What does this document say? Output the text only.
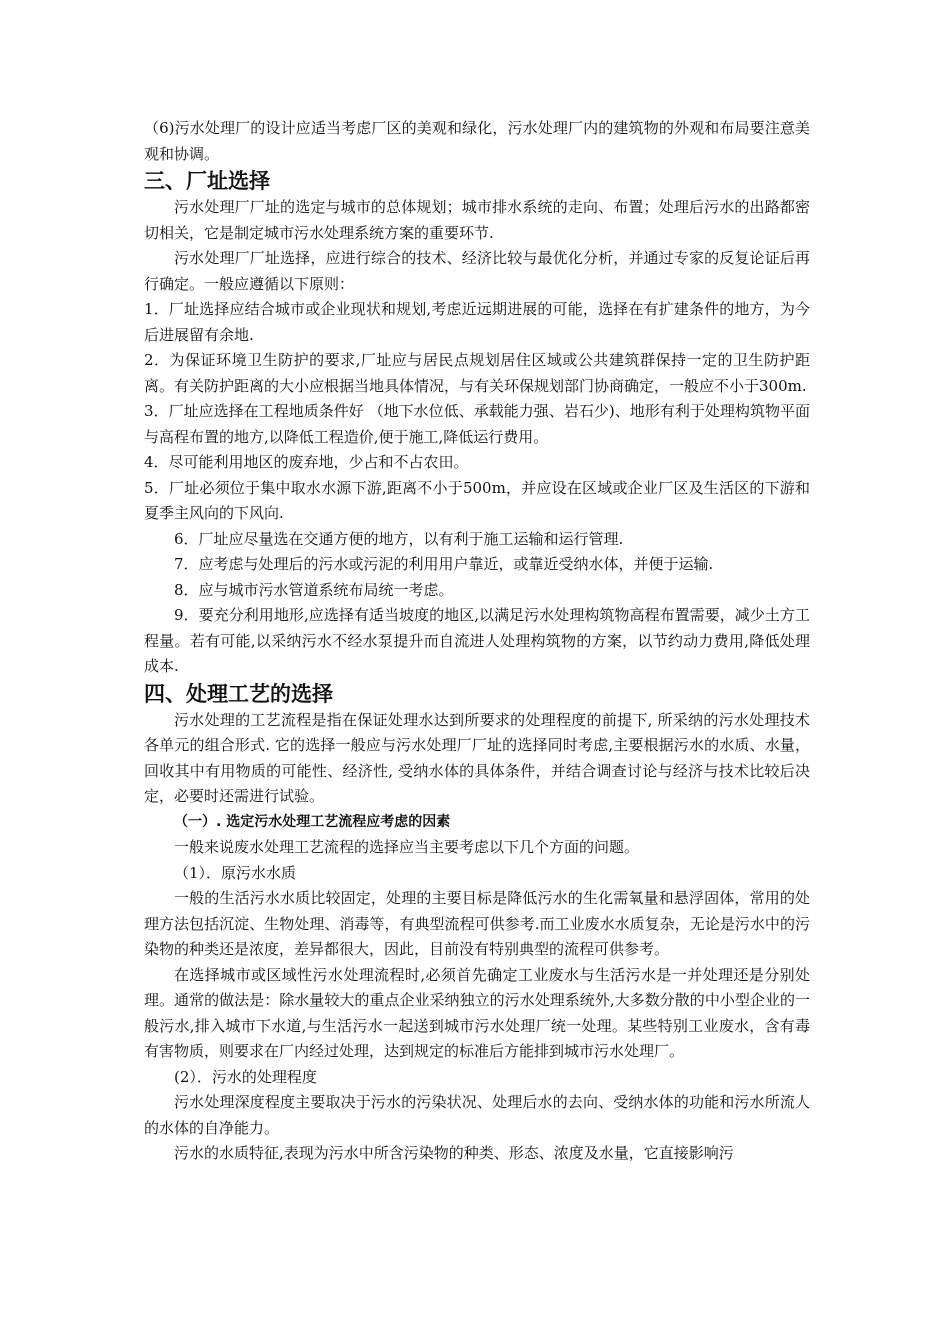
（6)污水处理厂的设计应适当考虑厂区的美观和绿化，污水处理厂内的建筑物的外观和布局要注意美观和协调。

三、厂址选择

污水处理厂厂址的选定与城市的总体规划；城市排水系统的走向、布置；处理后污水的出路都密切相关，它是制定城市污水处理系统方案的重要环节.

污水处理厂厂址选择，应进行综合的技术、经济比较与最优化分析，并通过专家的反复论证后再行确定。一般应遵循以下原则：

1．厂址选择应结合城市或企业现状和规划,考虑近远期进展的可能，选择在有扩建条件的地方，为今后进展留有余地.

2．为保证环境卫生防护的要求,厂址应与居民点规划居住区域或公共建筑群保持一定的卫生防护距离。有关防护距离的大小应根据当地具体情况，与有关环保规划部门协商确定，一般应不小于300m.

3．厂址应选择在工程地质条件好 （地下水位低、承载能力强、岩石少)、地形有利于处理构筑物平面与高程布置的地方,以降低工程造价,便于施工,降低运行费用。

4．尽可能利用地区的废弃地，少占和不占农田。

5．厂址必须位于集中取水水源下游,距离不小于500m，并应设在区域或企业厂区及生活区的下游和夏季主风向的下风向.

6．厂址应尽量选在交通方便的地方，以有利于施工运输和运行管理.

7．应考虑与处理后的污水或污泥的利用用户靠近，或靠近受纳水体，并便于运输.

8．应与城市污水管道系统布局统一考虑。

9．要充分利用地形,应选择有适当坡度的地区,以满足污水处理构筑物高程布置需要，减少土方工程量。若有可能,以采纳污水不经水泵提升而自流进人处理构筑物的方案，以节约动力费用,降低处理成本.

四、处理工艺的选择

污水处理的工艺流程是指在保证处理水达到所要求的处理程度的前提下, 所采纳的污水处理技术各单元的组合形式. 它的选择一般应与污水处理厂厂址的选择同时考虑,主要根据污水的水质、水量，回收其中有用物质的可能性、经济性, 受纳水体的具体条件，并结合调查讨论与经济与技术比较后决定，必要时还需进行试验。

（一）. 选定污水处理工艺流程应考虑的因素

一般来说废水处理工艺流程的选择应当主要考虑以下几个方面的问题。

（1）．原污水水质

一般的生活污水水质比较固定，处理的主要目标是降低污水的生化需氧量和悬浮固体，常用的处理方法包括沉淀、生物处理、消毒等，有典型流程可供参考.而工业废水水质复杂，无论是污水中的污染物的种类还是浓度，差异都很大，因此，目前没有特别典型的流程可供参考。

在选择城市或区域性污水处理流程时,必须首先确定工业废水与生活污水是一并处理还是分别处理。通常的做法是：除水量较大的重点企业采纳独立的污水处理系统外,大多数分散的中小型企业的一般污水,排入城市下水道,与生活污水一起送到城市污水处理厂统一处理。某些特别工业废水，含有毒有害物质，则要求在厂内经过处理，达到规定的标准后方能排到城市污水处理厂。

(2）．污水的处理程度

污水处理深度程度主要取决于污水的污染状况、处理后水的去向、受纳水体的功能和污水所流人的水体的自净能力。

污水的水质特征,表现为污水中所含污染物的种类、形态、浓度及水量，它直接影响污
